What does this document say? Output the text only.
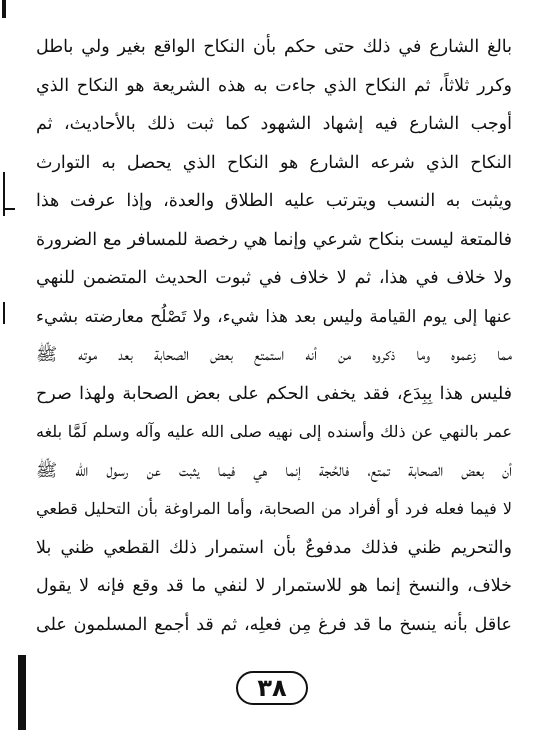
بالغ الشارع في ذلك حتى حكم بأن النكاح الواقع بغير ولي باطل
وكرر ثلاثاً، ثم النكاح الذي جاءت به هذه الشريعة هو النكاح الذي
أوجب الشارع فيه إشهاد الشهود كما ثبت ذلك بالأحاديث، ثم
النكاح الذي شرعه الشارع هو النكاح الذي يحصل به التوارث
ويثبت به النسب ويترتب عليه الطلاق والعدة، وإذا عرفت هذا
فالمتعة ليست بنكاح شرعي وإنما هي رخصة للمسافر مع الضرورة
ولا خلاف في هذا، ثم لا خلاف في ثبوت الحديث المتضمن للنهي
عنها إلى يوم القيامة وليس بعد هذا شيء، ولا تَصْلُح معارضته بشيء
مما زعموه وما ذكروه من أنه استمتع بعض الصحابة بعد موته ﷺ
فليس هذا بِبِدَع، فقد يخفى الحكم على بعض الصحابة ولهذا صرح
عمر بالنهي عن ذلك وأسنده إلى نهيه صلى الله عليه وآله وسلم لَمَّا بلغه
أن بعض الصحابة تمتع، فالحُجة إنما هي فيما يثبت عن رسول الله ﷺ
لا فيما فعله فرد أو أفراد من الصحابة، وأما المراوغة بأن التحليل قطعي
والتحريم ظني فذلك مدفوعٌ بأن استمرار ذلك القطعي ظني بلا
خلاف، والنسخ إنما هو للاستمرار لا لنفي ما قد وقع فإنه لا يقول
عاقل بأنه ينسخ ما قد فرغ مِن فعلِه، ثم قد أجمع المسلمون على
٣٨
